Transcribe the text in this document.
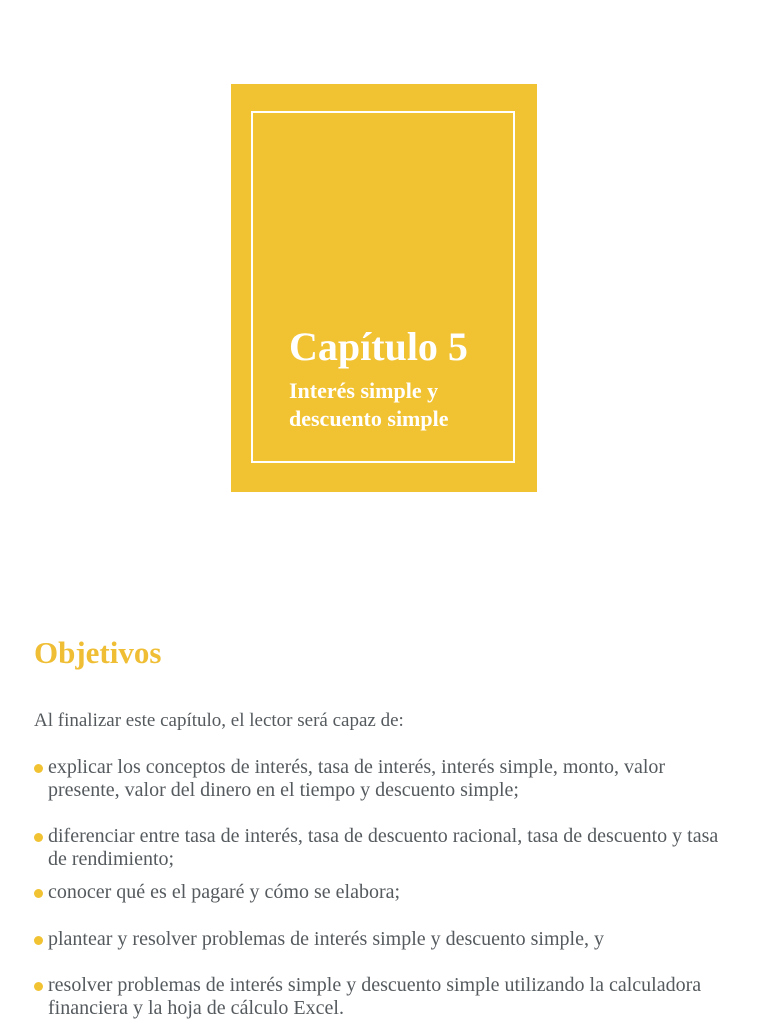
Capítulo 5

Interés simple y descuento simple

Objetivos

Al finalizar este capítulo, el lector será capaz de:

explicar los conceptos de interés, tasa de interés, interés simple, monto, valor presente, valor del dinero en el tiempo y descuento simple;
diferenciar entre tasa de interés, tasa de descuento racional, tasa de descuento y tasa de rendimiento;
conocer qué es el pagaré y cómo se elabora;
plantear y resolver problemas de interés simple y descuento simple, y
resolver problemas de interés simple y descuento simple utilizando la calculadora financiera y la hoja de cálculo Excel.
